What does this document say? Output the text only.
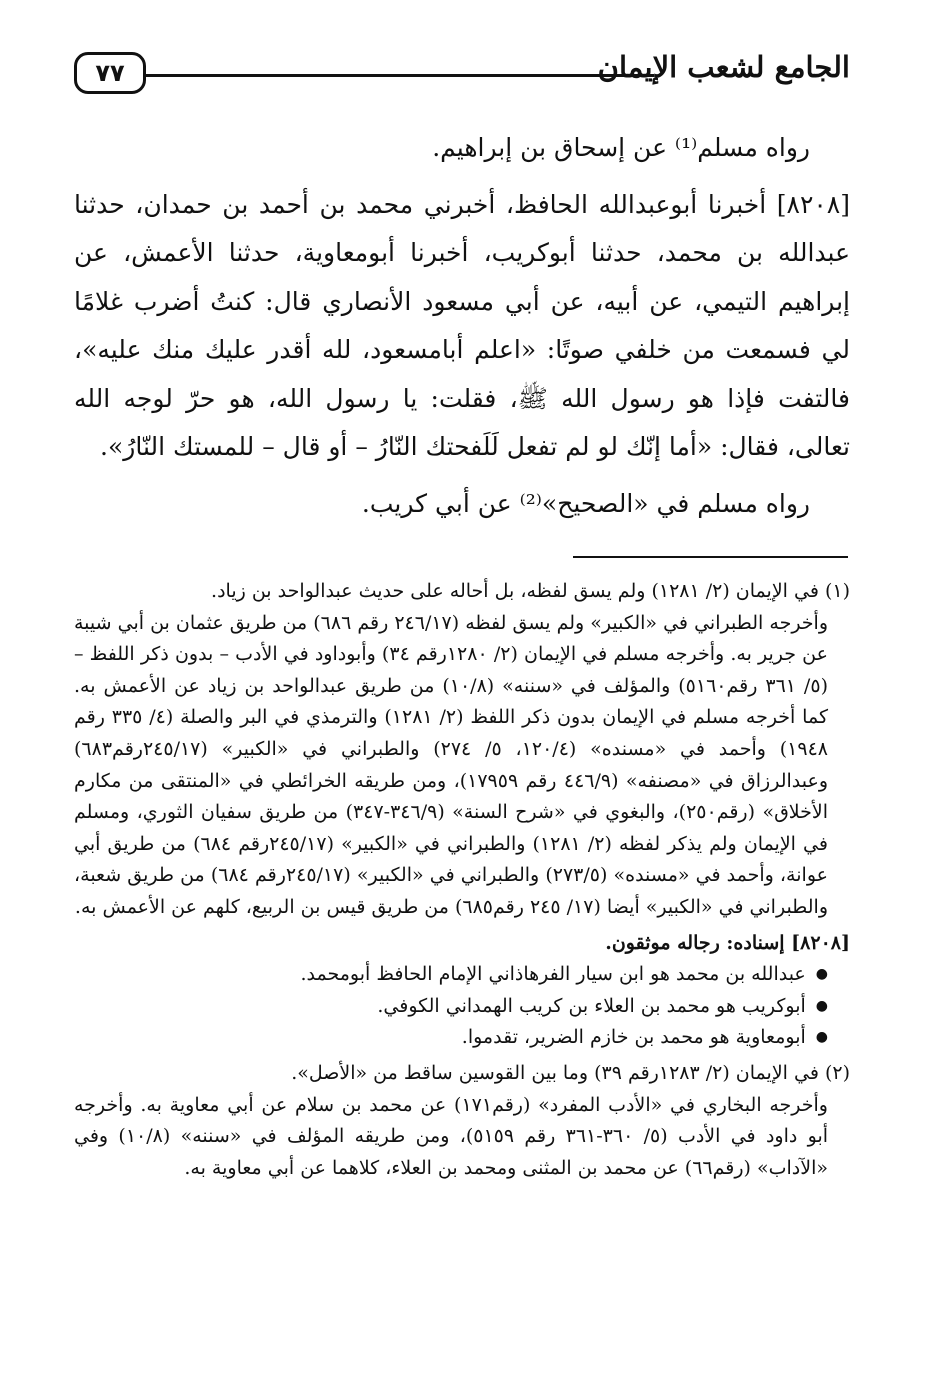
٧٧	الجامع لشعب الإيمان

رواه مسلم⁽¹⁾ عن إسحاق بن إبراهيم.

[٨٢٠٨] أخبرنا أبوعبدالله الحافظ، أخبرني محمد بن أحمد بن حمدان، حدثنا عبدالله بن محمد، حدثنا أبوكريب، أخبرنا أبومعاوية، حدثنا الأعمش، عن إبراهيم التيمي، عن أبيه، عن أبي مسعود الأنصاري قال: كنتُ أضرب غلامًا لي فسمعت من خلفي صوتًا: «اعلم أبامسعود، لله أقدر عليك منك عليه»، فالتفت فإذا هو رسول الله ﷺ، فقلت: يا رسول الله، هو حرّ لوجه الله تعالى، فقال: «أما إنّك لو لم تفعل لَلَفحتك النّارُ – أو قال – للمستك النّارُ».

رواه مسلم في «الصحيح»⁽²⁾ عن أبي كريب.

(١) في الإيمان (٢/ ١٢٨١) ولم يسق لفظه، بل أحاله على حديث عبدالواحد بن زياد.

وأخرجه الطبراني في «الكبير» ولم يسق لفظه (٢٤٦/١٧ رقم ٦٨٦) من طريق عثمان بن أبي شيبة عن جرير به. وأخرجه مسلم في الإيمان (٢/ ١٢٨٠رقم ٣٤) وأبوداود في الأدب – بدون ذكر اللفظ – (٥/ ٣٦١ رقم٥١٦٠) والمؤلف في «سننه» (١٠/٨) من طريق عبدالواحد بن زياد عن الأعمش به. كما أخرجه مسلم في الإيمان بدون ذكر اللفظ (٢/ ١٢٨١) والترمذي في البر والصلة (٤/ ٣٣٥ رقم ١٩٤٨) وأحمد في «مسنده» (١٢٠/٤، ٥/ ٢٧٤) والطبراني في «الكبير» (٢٤٥/١٧رقم٦٨٣) وعبدالرزاق في «مصنفه» (٤٤٦/٩ رقم ١٧٩٥٩)، ومن طريقه الخرائطي في «المنتقى من مكارم الأخلاق» (رقم٢٥٠)، والبغوي في «شرح السنة» (٣٤٦/٩-٣٤٧) من طريق سفيان الثوري، ومسلم في الإيمان ولم يذكر لفظه (٢/ ١٢٨١) والطبراني في «الكبير» (٢٤٥/١٧رقم ٦٨٤) من طريق أبي عوانة، وأحمد في «مسنده» (٢٧٣/٥) والطبراني في «الكبير» (٢٤٥/١٧رقم ٦٨٤) من طريق شعبة، والطبراني في «الكبير» أيضا (١٧/ ٢٤٥ رقم٦٨٥) من طريق قيس بن الربيع، كلهم عن الأعمش به.

[٨٢٠٨] إسناده: رجاله موثقون.

●عبدالله بن محمد هو ابن سيار الفرهاذاني الإمام الحافظ أبومحمد.
●أبوكريب هو محمد بن العلاء بن كريب الهمداني الكوفي.
●أبومعاوية هو محمد بن خازم الضرير، تقدموا.

(٢) في الإيمان (٢/ ١٢٨٣رقم ٣٩) وما بين القوسين ساقط من «الأصل».

وأخرجه البخاري في «الأدب المفرد» (رقم١٧١) عن محمد بن سلام عن أبي معاوية به. وأخرجه أبو داود في الأدب (٥/ ٣٦٠-٣٦١ رقم ٥١٥٩)، ومن طريقه المؤلف في «سننه» (١٠/٨) وفي «الآداب» (رقم٦٦) عن محمد بن المثنى ومحمد بن العلاء، كلاهما عن أبي معاوية به.
